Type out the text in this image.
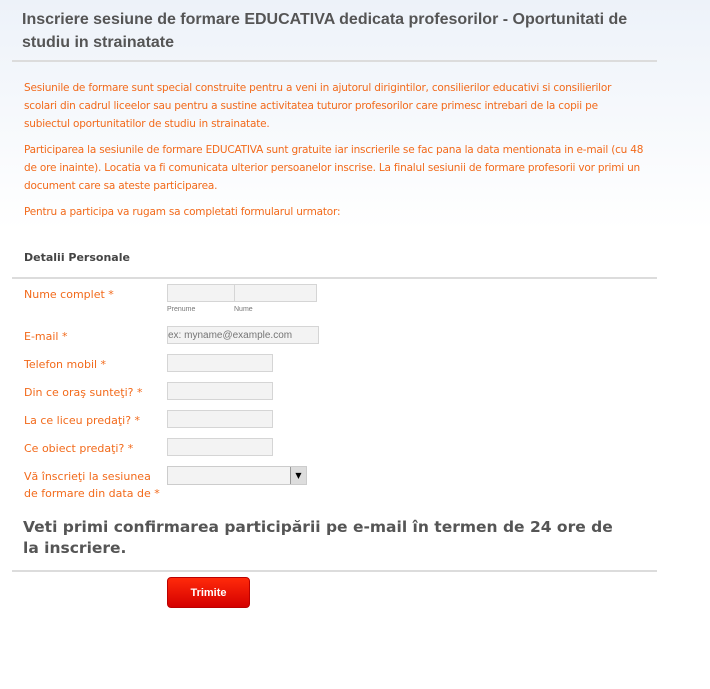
Inscriere sesiune de formare EDUCATIVA dedicata profesorilor - Oportunitati de studiu in strainatate
Sesiunile de formare sunt special construite pentru a veni in ajutorul dirigintilor, consilierilor educativi si consilierilor scolari din cadrul liceelor sau pentru a sustine activitatea tuturor profesorilor care primesc intrebari de la copii pe subiectul oportunitatilor de studiu in strainatate.
Participarea la sesiunile de formare EDUCATIVA sunt gratuite iar inscrierile se fac pana la data mentionata in e-mail (cu 48 de ore inainte). Locatia va fi comunicata ulterior persoanelor inscrise. La finalul sesiunii de formare profesorii vor primi un document care sa ateste participarea.
Pentru a participa va rugam sa completati formularul urmator:
Detalii Personale
Nume complet *
Prenume	Nume
E-mail *
ex: myname@example.com
Telefon mobil *
Din ce oraş sunteţi? *
La ce liceu predaţi? *
Ce obiect predaţi? *
Vă înscrieţi la sesiunea de formare din data de *
▼
Veti primi confirmarea participării pe e-mail în termen de 24 ore de la inscriere.
Trimite
